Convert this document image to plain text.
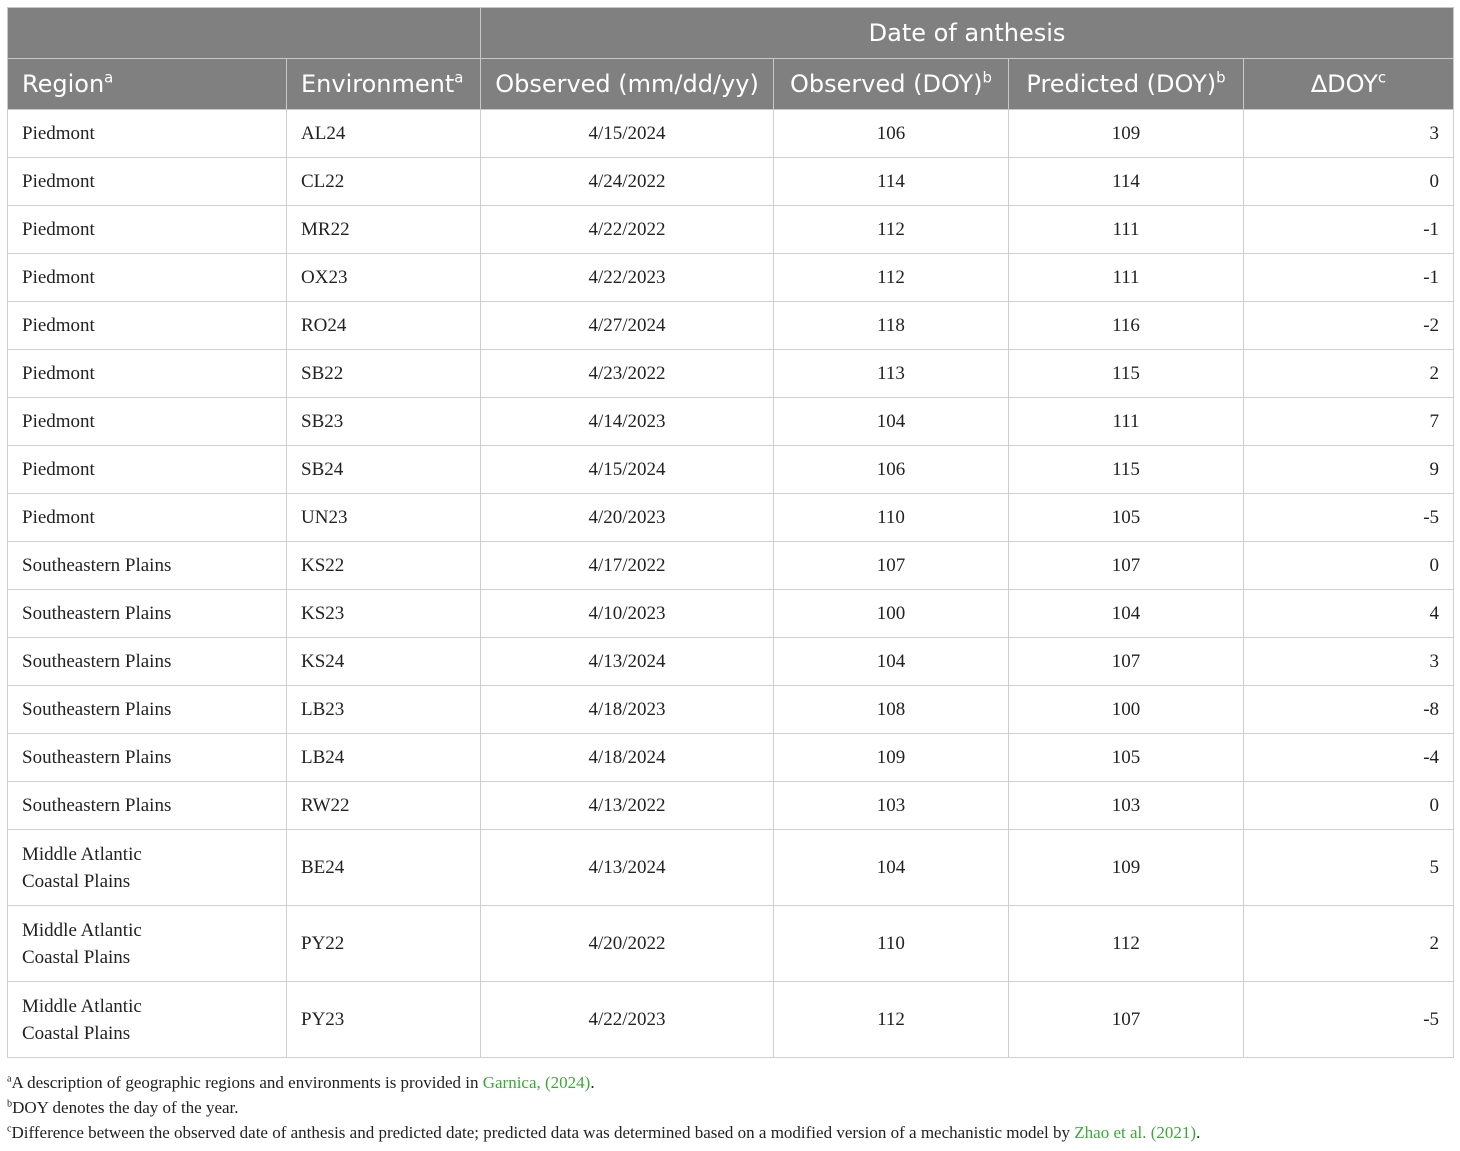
		Date of anthesis			
Region$^a$	Environment$^a$	Observed (mm/dd/yy)	Observed (DOY)$^b$	Predicted (DOY)$^b$	∆DOY$^c$
Piedmont	AL24	4/15/2024	106	109	3
Piedmont	CL22	4/24/2022	114	114	0
Piedmont	MR22	4/22/2022	112	111	-1
Piedmont	OX23	4/22/2023	112	111	-1
Piedmont	RO24	4/27/2024	118	116	-2
Piedmont	SB22	4/23/2022	113	115	2
Piedmont	SB23	4/14/2023	104	111	7
Piedmont	SB24	4/15/2024	106	115	9
Piedmont	UN23	4/20/2023	110	105	-5
Southeastern Plains	KS22	4/17/2022	107	107	0
Southeastern Plains	KS23	4/10/2023	100	104	4
Southeastern Plains	KS24	4/13/2024	104	107	3
Southeastern Plains	LB23	4/18/2023	108	100	-8
Southeastern Plains	LB24	4/18/2024	109	105	-4
Southeastern Plains	RW22	4/13/2022	103	103	0

Middle Atlantic
Coastal Plains	BE24	4/13/2024	104	109	5

Middle Atlantic
Coastal Plains	PY22	4/20/2022	110	112	2

Middle Atlantic
Coastal Plains	PY23	4/22/2023	112	107	-5
$^a$A description of geographic regions and environments is provided in Garnica, (2024).
$^b$DOY denotes the day of the year.
$^c$Difference between the observed date of anthesis and predicted date; predicted data was determined based on a modified version of a mechanistic model by Zhao et al. (2021).
